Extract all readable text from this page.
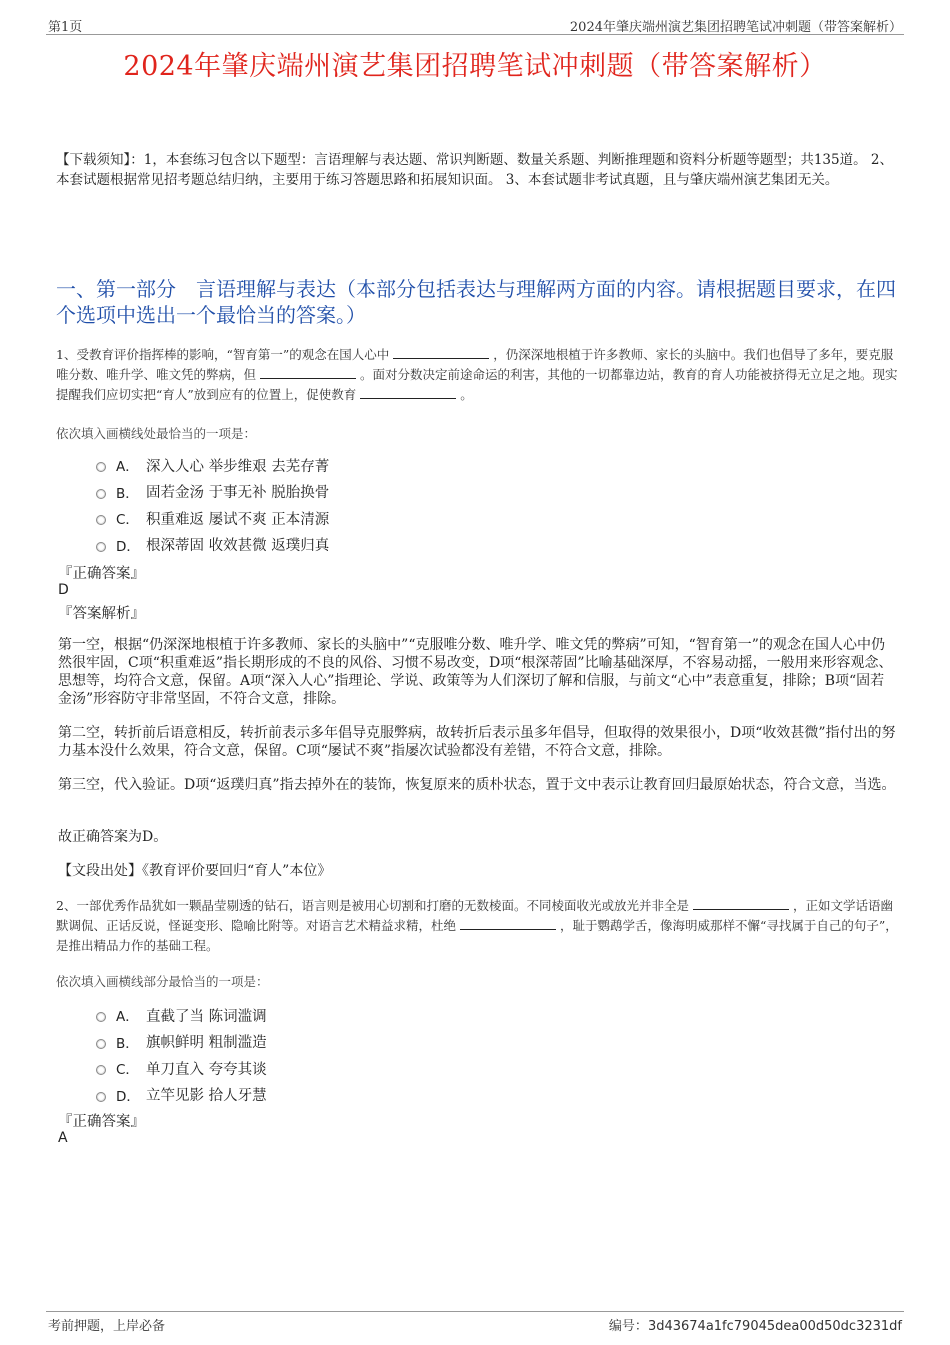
第1页	2024年肇庆端州演艺集团招聘笔试冲刺题（带答案解析）
2024年肇庆端州演艺集团招聘笔试冲刺题（带答案解析）
【下载须知】：1，本套练习包含以下题型：言语理解与表达题、常识判断题、数量关系题、判断推理题和资料分析题等题型；共135道。 2、本套试题根据常见招考题总结归纳，主要用于练习答题思路和拓展知识面。 3、本套试题非考试真题，且与肇庆端州演艺集团无关。
一、第一部分　言语理解与表达（本部分包括表达与理解两方面的内容。请根据题目要求，在四个选项中选出一个最恰当的答案。）
1、受教育评价指挥棒的影响，“智育第一”的观念在国人心中	，仍深深地根植于许多教师、家长的头脑中。我们也倡导了多年，要克服唯分数、唯升学、唯文凭的弊病，但	。面对分数决定前途命运的利害，其他的一切都靠边站，教育的育人功能被挤得无立足之地。现实提醒我们应切实把“育人”放到应有的位置上，促使教育	。
依次填入画横线处最恰当的一项是：
A． 深入人心 举步维艰 去芜存菁
B． 固若金汤 于事无补 脱胎换骨
C． 积重难返 屡试不爽 正本清源
D． 根深蒂固 收效甚微 返璞归真
『正确答案』
D
『答案解析』
第一空，根据“仍深深地根植于许多教师、家长的头脑中”“克服唯分数、唯升学、唯文凭的弊病”可知，“智育第一”的观念在国人心中仍然很牢固，C项“积重难返”指长期形成的不良的风俗、习惯不易改变，D项“根深蒂固”比喻基础深厚，不容易动摇，一般用来形容观念、思想等，均符合文意，保留。A项“深入人心”指理论、学说、政策等为人们深切了解和信服，与前文“心中”表意重复，排除；B项“固若金汤”形容防守非常坚固，不符合文意，排除。
第二空，转折前后语意相反，转折前表示多年倡导克服弊病，故转折后表示虽多年倡导，但取得的效果很小，D项“收效甚微”指付出的努力基本没什么效果，符合文意，保留。C项“屡试不爽”指屡次试验都没有差错，不符合文意，排除。
第三空，代入验证。D项“返璞归真”指去掉外在的装饰，恢复原来的质朴状态，置于文中表示让教育回归最原始状态，符合文意，当选。
故正确答案为D。
【文段出处】《教育评价要回归“育人”本位》
2、一部优秀作品犹如一颗晶莹剔透的钻石，语言则是被用心切割和打磨的无数棱面。不同棱面收光或放光并非全是	，正如文学话语幽默调侃、正话反说，怪诞变形、隐喻比附等。对语言艺术精益求精，杜绝	，耻于鹦鹉学舌，像海明威那样不懈“寻找属于自己的句子”，是推出精品力作的基础工程。
依次填入画横线部分最恰当的一项是：
A． 直截了当 陈词滥调
B． 旗帜鲜明 粗制滥造
C． 单刀直入 夸夸其谈
D． 立竿见影 拾人牙慧
『正确答案』
A
考前押题，上岸必备	编号：3d43674a1fc79045dea00d50dc3231df
